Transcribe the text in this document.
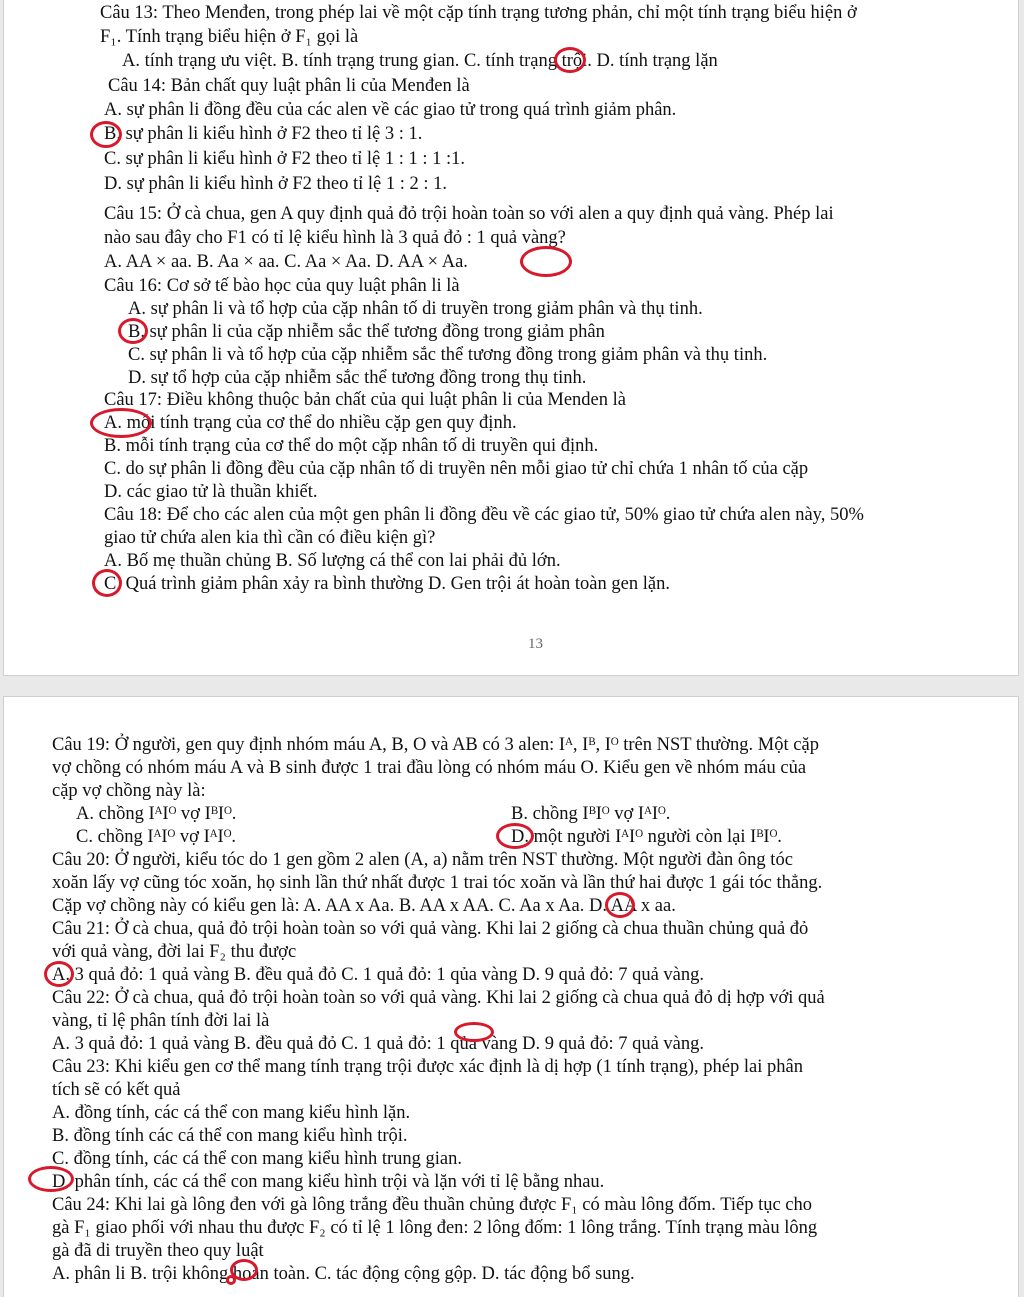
Câu 13: Theo Menđen, trong phép lai về một cặp tính trạng tương phản, chỉ một tính trạng biểu hiện ở
F₁. Tính trạng biểu hiện ở F₁ gọi là
A. tính trạng ưu việt. B. tính trạng trung gian. C. tính trạng trội. D. tính trạng lặn
Câu 14: Bản chất quy luật phân li của Menđen là
A. sự phân li đồng đều của các alen về các giao tử trong quá trình giảm phân.
B. sự phân li kiểu hình ở F2 theo tỉ lệ 3 : 1.
C. sự phân li kiểu hình ở F2 theo tỉ lệ 1 : 1 : 1 :1.
D. sự phân li kiểu hình ở F2 theo tỉ lệ 1 : 2 : 1.
Câu 15: Ở cà chua, gen A quy định quả đỏ trội hoàn toàn so với alen a quy định quả vàng. Phép lai
nào sau đây cho F1 có tỉ lệ kiểu hình là 3 quả đỏ : 1 quả vàng?
A. AA × aa. B. Aa × aa. C. Aa × Aa. D. AA × Aa.
Câu 16: Cơ sở tế bào học của quy luật phân li là
A. sự phân li và tổ hợp của cặp nhân tố di truyền trong giảm phân và thụ tinh.
B. sự phân li của cặp nhiễm sắc thể tương đồng trong giảm phân
C. sự phân li và tổ hợp của cặp nhiễm sắc thể tương đồng trong giảm phân và thụ tinh.
D. sự tổ hợp của cặp nhiễm sắc thể tương đồng trong thụ tinh.
Câu 17: Điều không thuộc bản chất của qui luật phân li của Menden là
A. mỗi tính trạng của cơ thể do nhiều cặp gen quy định.
B. mỗi tính trạng của cơ thể do một cặp nhân tố di truyền qui định.
C. do sự phân li đồng đều của cặp nhân tố di truyền nên mỗi giao tử chỉ chứa 1 nhân tố của cặp
D. các giao tử là thuần khiết.
Câu 18: Để cho các alen của một gen phân li đồng đều về các giao tử, 50% giao tử chứa alen này, 50%
giao tử chứa alen kia thì cần có điều kiện gì?
A. Bố mẹ thuần chủng B. Số lượng cá thể con lai phải đủ lớn.
C. Quá trình giảm phân xảy ra bình thường D. Gen trội át hoàn toàn gen lặn.
13
Câu 19: Ở người, gen quy định nhóm máu A, B, O và AB có 3 alen: Iᴬ, Iᴮ, Iᴼ trên NST thường. Một cặp
vợ chồng có nhóm máu A và B sinh được 1 trai đầu lòng có nhóm máu O. Kiểu gen về nhóm máu của
cặp vợ chồng này là:
A. chồng IᴬIᴼ vợ IᴮIᴼ.	B. chồng IᴮIᴼ vợ IᴬIᴼ.
C. chồng IᴬIᴼ vợ IᴬIᴼ.	D. một người IᴬIᴼ người còn lại IᴮIᴼ.
Câu 20: Ở người, kiểu tóc do 1 gen gồm 2 alen (A, a) nằm trên NST thường. Một người đàn ông tóc
xoăn lấy vợ cũng tóc xoăn, họ sinh lần thứ nhất được 1 trai tóc xoăn và lần thứ hai được 1 gái tóc thẳng.
Cặp vợ chồng này có kiểu gen là: A. AA x Aa. B. AA x AA. C. Aa x Aa. D. AA x aa.
Câu 21: Ở cà chua, quả đỏ trội hoàn toàn so với quả vàng. Khi lai 2 giống cà chua thuần chủng quả đỏ
với quả vàng, đời lai F₂ thu được
A. 3 quả đỏ: 1 quả vàng B. đều quả đỏ C. 1 quả đỏ: 1 qủa vàng D. 9 quả đỏ: 7 quả vàng.
Câu 22: Ở cà chua, quả đỏ trội hoàn toàn so với quả vàng. Khi lai 2 giống cà chua quả đỏ dị hợp với quả
vàng, tỉ lệ phân tính đời lai là
A. 3 quả đỏ: 1 quả vàng B. đều quả đỏ C. 1 quả đỏ: 1 qủa vàng D. 9 quả đỏ: 7 quả vàng.
Câu 23: Khi kiểu gen cơ thể mang tính trạng trội được xác định là dị hợp (1 tính trạng), phép lai phân
tích sẽ có kết quả
A. đồng tính, các cá thể con mang kiểu hình lặn.
B. đồng tính các cá thể con mang kiểu hình trội.
C. đồng tính, các cá thể con mang kiểu hình trung gian.
D. phân tính, các cá thể con mang kiểu hình trội và lặn với tỉ lệ bằng nhau.
Câu 24: Khi lai gà lông đen với gà lông trắng đều thuần chủng được F₁ có màu lông đốm. Tiếp tục cho
gà F₁ giao phối với nhau thu được F₂ có tỉ lệ 1 lông đen: 2 lông đốm: 1 lông trắng. Tính trạng màu lông
gà đã di truyền theo quy luật
A. phân li B. trội không hoàn toàn. C. tác động cộng gộp. D. tác động bổ sung.
